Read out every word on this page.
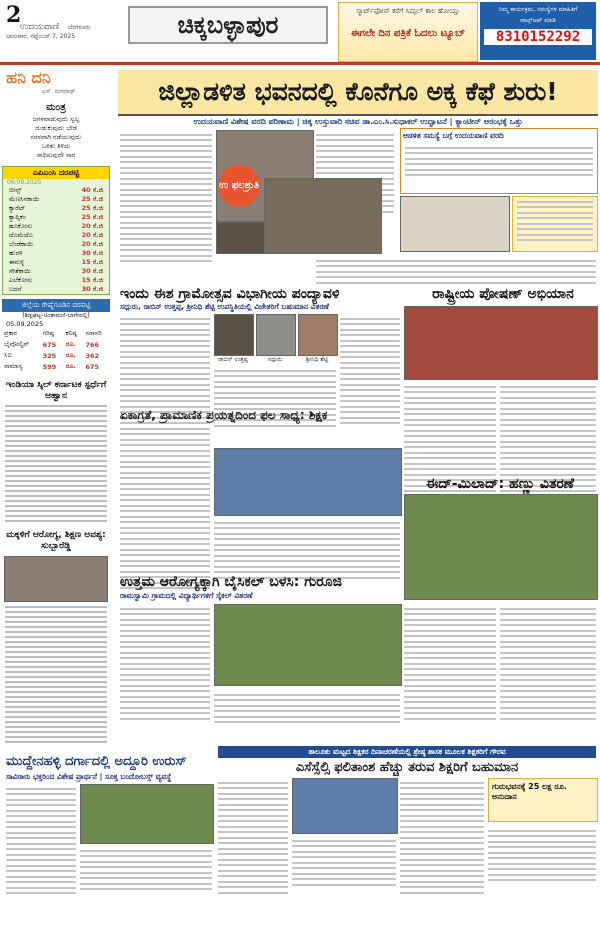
2
ಉದಯವಾಣಿ ಬೆಂಗಳೂರು
ಭಾನುವಾರ, ಸೆಪ್ಟೆಂಬರ್ 7, 2025	ಚಿಕ್ಕಬಳ್ಳಾಪುರ	ಸ್ಮಾರ್ಟ್‌ಫೋನ್ ಕರೆಗೆ ಸಿಮ್ಪಲ್ ಕಾಲ ಹೋಯ್ತು
ಈಗಲೇ ದಿನ ಪತ್ರಿಕೆ ಓದಲು ಟ್ಯೂಬ್
ನಿಮ್ಮ ಕಾರ್ಯಕ್ರಮ, ಸಮಸ್ಯೆಗಳ ಮಾಹಿತಿಗೆ
ವಾಟ್ಸ್ಆಪ್ ಮಾಡಿ
8310152292
ಹನಿ ದನಿ
ಎಸ್. ರಂಗನಾಥ್
ಮಂತ್ರ
ಜಗಳವಾಡುವುದು ಸ್ವಲ್ಪ
ದುಡುಕುವುದು ಬೇಡ
ಸರಳವಾಗಿ ನಡೆಯುವುದು
ಒಳಿತು ತಿಳಿದು
ಸಾಧಿಸುವುದೇ ಸಾರ
ಎಪಿಎಂಸಿ ದರಪಟ್ಟಿ
06.09.2025
ಬೀನ್ಸ್	40 ಕೆ.ಜಿ
ಮೆಣಸಿನಕಾಯಿ	25 ಕೆ.ಜಿ
ಕ್ಯಾರೆಟ್	25 ಕೆ.ಜಿ
ಕ್ಯಾಪ್ಸಿಕಂ	25 ಕೆ.ಜಿ
ಹೂಕೋಸು	20 ಕೆ.ಜಿ
ಟೊಮೆಟೊ	20 ಕೆ.ಜಿ
ಬೆಂಡೆಕಾಯಿ	20 ಕೆ.ಜಿ
ಹುರಳಿ	30 ಕೆ.ಜಿ
ಈರುಳ್ಳಿ	15 ಕೆ.ಜಿ
ಸೌತೆಕಾಯಿ	30 ಕೆ.ಜಿ
ಎಲೆಕೋಸು	15 ಕೆ.ಜಿ
ಬದನೆ	30 ಕೆ.ಜಿ
ಜಿಲ್ಲೆಯ ರೇಷ್ಮೆಗೂಡಿನ ದರಪಟ್ಟಿ
(ಶಿಡ್ಲಘಟ್ಟ-ಚಿಂತಾಮಣಿ-ಬಾಗೇಪಲ್ಲಿ)
05.09.2025
ಪ್ರಕಾರ	ಗರಿಷ್ಠ	ಕನಿಷ್ಠ	ಸರಾಸರಿ
ಬೈವೋಲ್ಟಿನ್	675	ರೂ.	766
ಸಿಬಿ	325	ರೂ.	362
ಸಾಮಾನ್ಯ	599	ರೂ.	675
ಇಂಡಿಯಾ ಸ್ಕಿಲ್ ಕರ್ನಾಟಕ ಸ್ಪರ್ಧೆಗೆ ಆಹ್ವಾನ
ಮಕ್ಕಳಿಗೆ ಆರೋಗ್ಯ, ಶಿಕ್ಷಣ ಅವಶ್ಯ: ಸುಬ್ಬಾರೆಡ್ಡಿ
ಜಿಲ್ಲಾಡಳಿತ ಭವನದಲ್ಲಿ ಕೊನೆಗೂ ಅಕ್ಕ ಕೆಫೆ ಶುರು!
ಉದಯವಾಣಿ ವಿಶೇಷ ವರದಿ ಪರಿಣಾಮ | ಚಿಕ್ಕ ಉಸ್ತುವಾರಿ ಸಚಿವ ಡಾ.ಎಂ.ಸಿ.ಸುಧಾಕರ್ ಉದ್ಘಾಟನೆ | ಕ್ಯಾಂಟೀನ್ ಆರಂಭಕ್ಕೆ ಒತ್ತು
ಉ ಫಲಶ್ರುತಿ
ಆಡಳಿತ ಸಮಸ್ಯೆ ಬಗ್ಗೆ ಉದಯವಾಣಿ ವರದಿ
ಇಂದು ಈಶ ಗ್ರಾಮೋತ್ಸವ ವಿಭಾಗೀಯ ಪಂದ್ಯಾವಳಿ
ಸದ್ಗುರು, ರಾಬಿನ್ ಉತ್ತಪ್ಪ, ಶ್ರೀನಿಧಿ ಶೆಟ್ಟಿ ಉಪಸ್ಥಿತಿಯಲ್ಲಿ ವಿಜೇತರಿಗೆ ಬಹುಮಾನ ವಿತರಣೆ
ರಾಬಿನ್ ಉತ್ತಪ್ಪ	ಸದ್ಗುರು	ಶ್ರೀನಿಧಿ ಶೆಟ್ಟಿ
ರಾಷ್ಟ್ರೀಯ ಪೋಷಣ್ ಅಭಿಯಾನ
ಏಕಾಗ್ರತೆ, ಪ್ರಾಮಾಣಿಕ ಪ್ರಯತ್ನದಿಂದ ಫಲ ಸಾಧ್ಯ: ಶಿಕ್ಷಕ
ಈದ್-ಮಿಲಾದ್: ಹಣ್ಣು ವಿತರಣೆ
ಉತ್ತಮ ಆರೋಗ್ಯಕ್ಕಾಗಿ ಬೈಸಿಕಲ್ ಬಳಸಿ: ಗುರೂಜಿ
ರಾಮಸ್ವಾಮಿ ಗ್ರಾಮದಲ್ಲಿ ವಿದ್ಯಾರ್ಥಿಗಳಿಗೆ ಸೈಕಲ್ ವಿತರಣೆ
ಮುದ್ದೇನಹಳ್ಳಿ ದರ್ಗಾದಲ್ಲಿ ಅದ್ದೂರಿ ಉರುಸ್
ಸಾವಿರಾರು ಭಕ್ತರಿಂದ ವಿಶೇಷ ಪ್ರಾರ್ಥನೆ | ಸೂಕ್ತ ಬಂದೋಬಸ್ತ್ ವ್ಯವಸ್ಥೆ
ತಾಲೂಕು ಮಟ್ಟದ ಶಿಕ್ಷಕರ ದಿನಾಚರಣೆಯಲ್ಲಿ ಶ್ರೇಷ್ಠ ಶಾಸಕ ಮೂಲಕ ಶಿಕ್ಷಕರಿಗೆ ಗೌರವ
ಎಸೆಸ್ಸೆಲ್ಸಿ ಫಲಿತಾಂಶ ಹೆಚ್ಚು ತರುವ ಶಿಕ್ಷರಿಗೆ ಬಹುಮಾನ
ಗುರುಭವನಕ್ಕೆ 25 ಲಕ್ಷ ರೂ. ಅನುದಾನ
